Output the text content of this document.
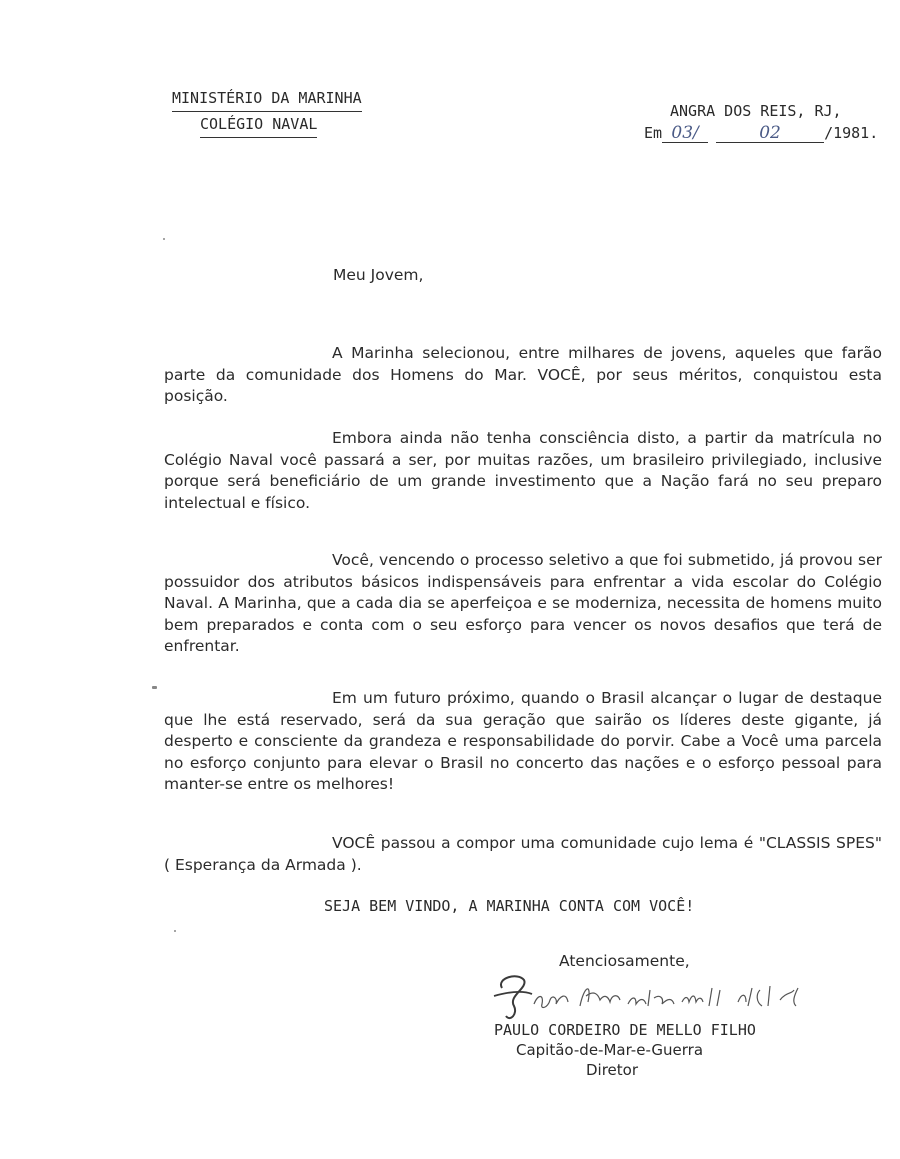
MINISTÉRIO DA MARINHA
COLÉGIO NAVAL
ANGRA DOS REIS, RJ,
Em 03/	02	/1981.
Meu Jovem,

A Marinha selecionou, entre milhares de jovens, aqueles que farão parte da comunidade dos Homens do Mar. VOCÊ, por seus méritos, conquistou esta posição.

Embora ainda não tenha consciência disto, a partir da matrícula no Colégio Naval você passará a ser, por muitas razões, um brasileiro privilegiado, inclusive porque será beneficiário de um grande investimento que a Nação fará no seu preparo intelectual e físico.

Você, vencendo o processo seletivo a que foi submetido, já provou ser possuidor dos atributos básicos indispensáveis para enfrentar a vida escolar do Colégio Naval. A Marinha, que a cada dia se aperfeiçoa e se moderniza, necessita de homens muito bem preparados e conta com o seu esforço para vencer os novos desafios que terá de enfrentar.

Em um futuro próximo, quando o Brasil alcançar o lugar de destaque que lhe está reservado, será da sua geração que sairão os líderes deste gigante, já desperto e consciente da grandeza e responsabilidade do porvir. Cabe a Você uma parcela no esforço conjunto para elevar o Brasil no concerto das nações e o esforço pessoal para manter-se entre os melhores!

VOCÊ passou a compor uma comunidade cujo lema é "CLASSIS SPES" ( Esperança da Armada ).

SEJA BEM VINDO, A MARINHA CONTA COM VOCÊ!
Atenciosamente,
PAULO CORDEIRO DE MELLO FILHO
Capitão-de-Mar-e-Guerra
Diretor
